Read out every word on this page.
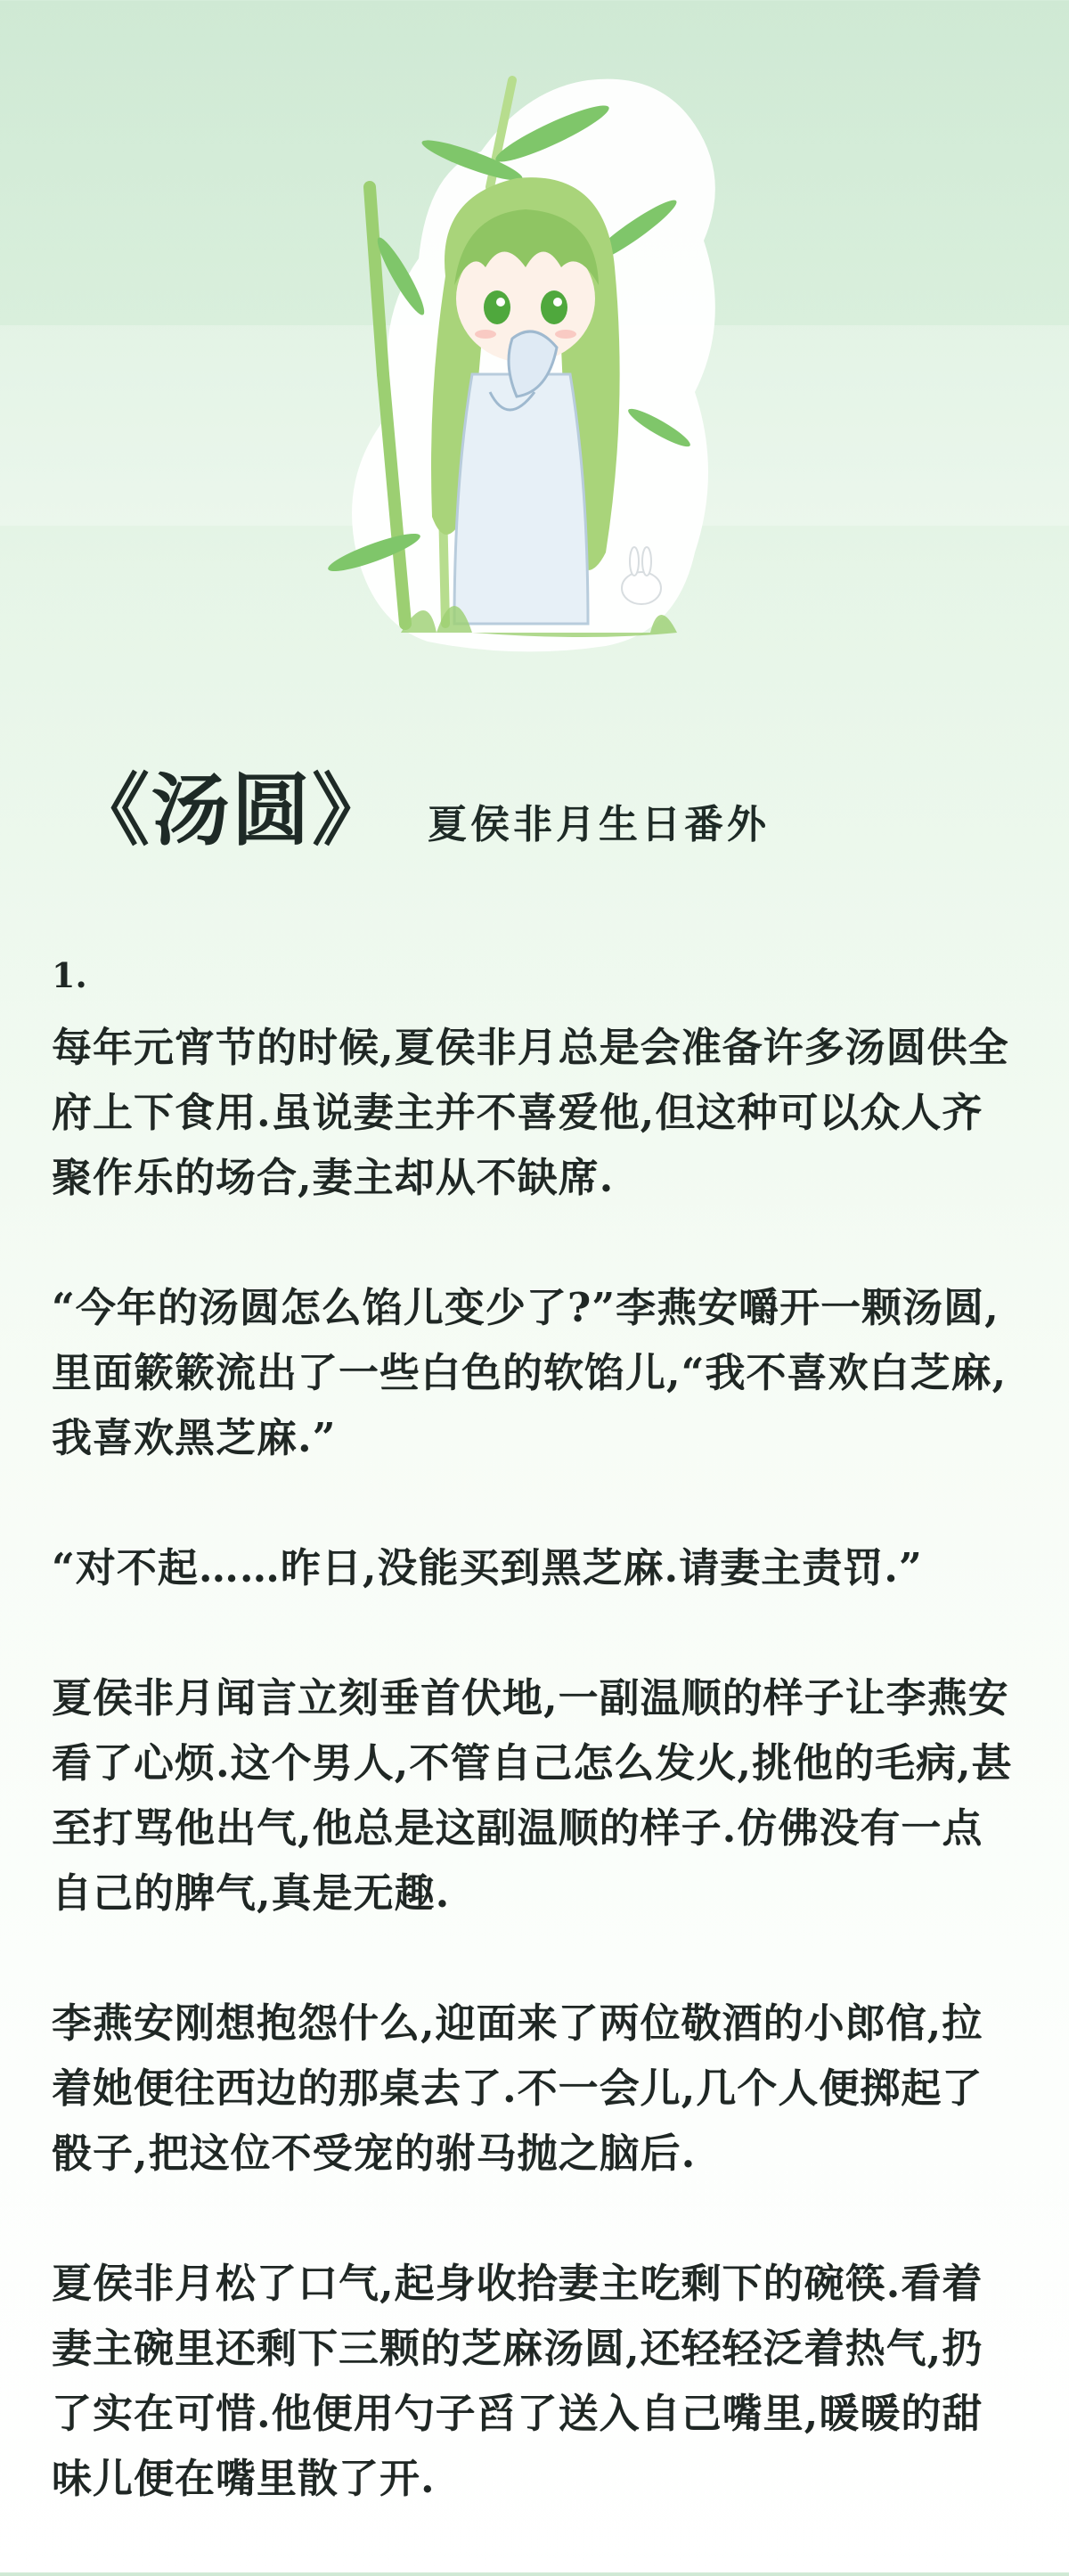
《汤圆》 夏侯非月生日番外
1.

每年元宵节的时候,夏侯非月总是会准备许多汤圆供全府上下食用.虽说妻主并不喜爱他,但这种可以众人齐聚作乐的场合,妻主却从不缺席.

“今年的汤圆怎么馅儿变少了?”李燕安嚼开一颗汤圆,里面簌簌流出了一些白色的软馅儿,“我不喜欢白芝麻,我喜欢黑芝麻.”

“对不起……昨日,没能买到黑芝麻.请妻主责罚.”

夏侯非月闻言立刻垂首伏地,一副温顺的样子让李燕安看了心烦.这个男人,不管自己怎么发火,挑他的毛病,甚至打骂他出气,他总是这副温顺的样子.仿佛没有一点自己的脾气,真是无趣.

李燕安刚想抱怨什么,迎面来了两位敬酒的小郎倌,拉着她便往西边的那桌去了.不一会儿,几个人便掷起了骰子,把这位不受宠的驸马抛之脑后.

夏侯非月松了口气,起身收拾妻主吃剩下的碗筷.看着妻主碗里还剩下三颗的芝麻汤圆,还轻轻泛着热气,扔了实在可惜.他便用勺子舀了送入自己嘴里,暖暖的甜味儿便在嘴里散了开.
